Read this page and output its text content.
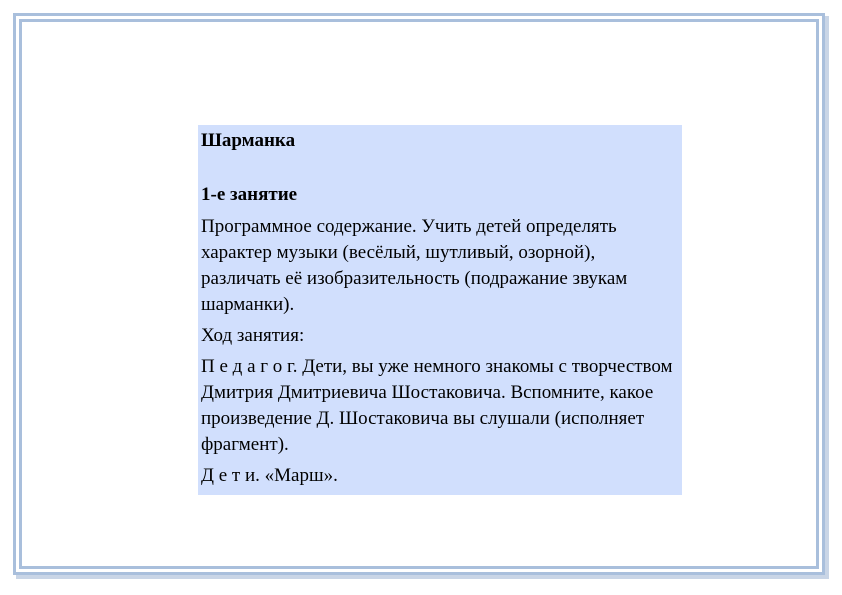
Шарманка

1-е занятие

Программное содержание. Учить детей определять характер музыки (весёлый, шутливый, озорной), различать её изобразительность (подражание звукам шарманки).

Ход занятия:

П е д а г о г. Дети, вы уже немного знакомы с творчеством Дмитрия Дмитриевича Шостаковича. Вспомните, какое произведение Д. Шостаковича вы слушали (исполняет фрагмент).

Д е т и. «Марш».
